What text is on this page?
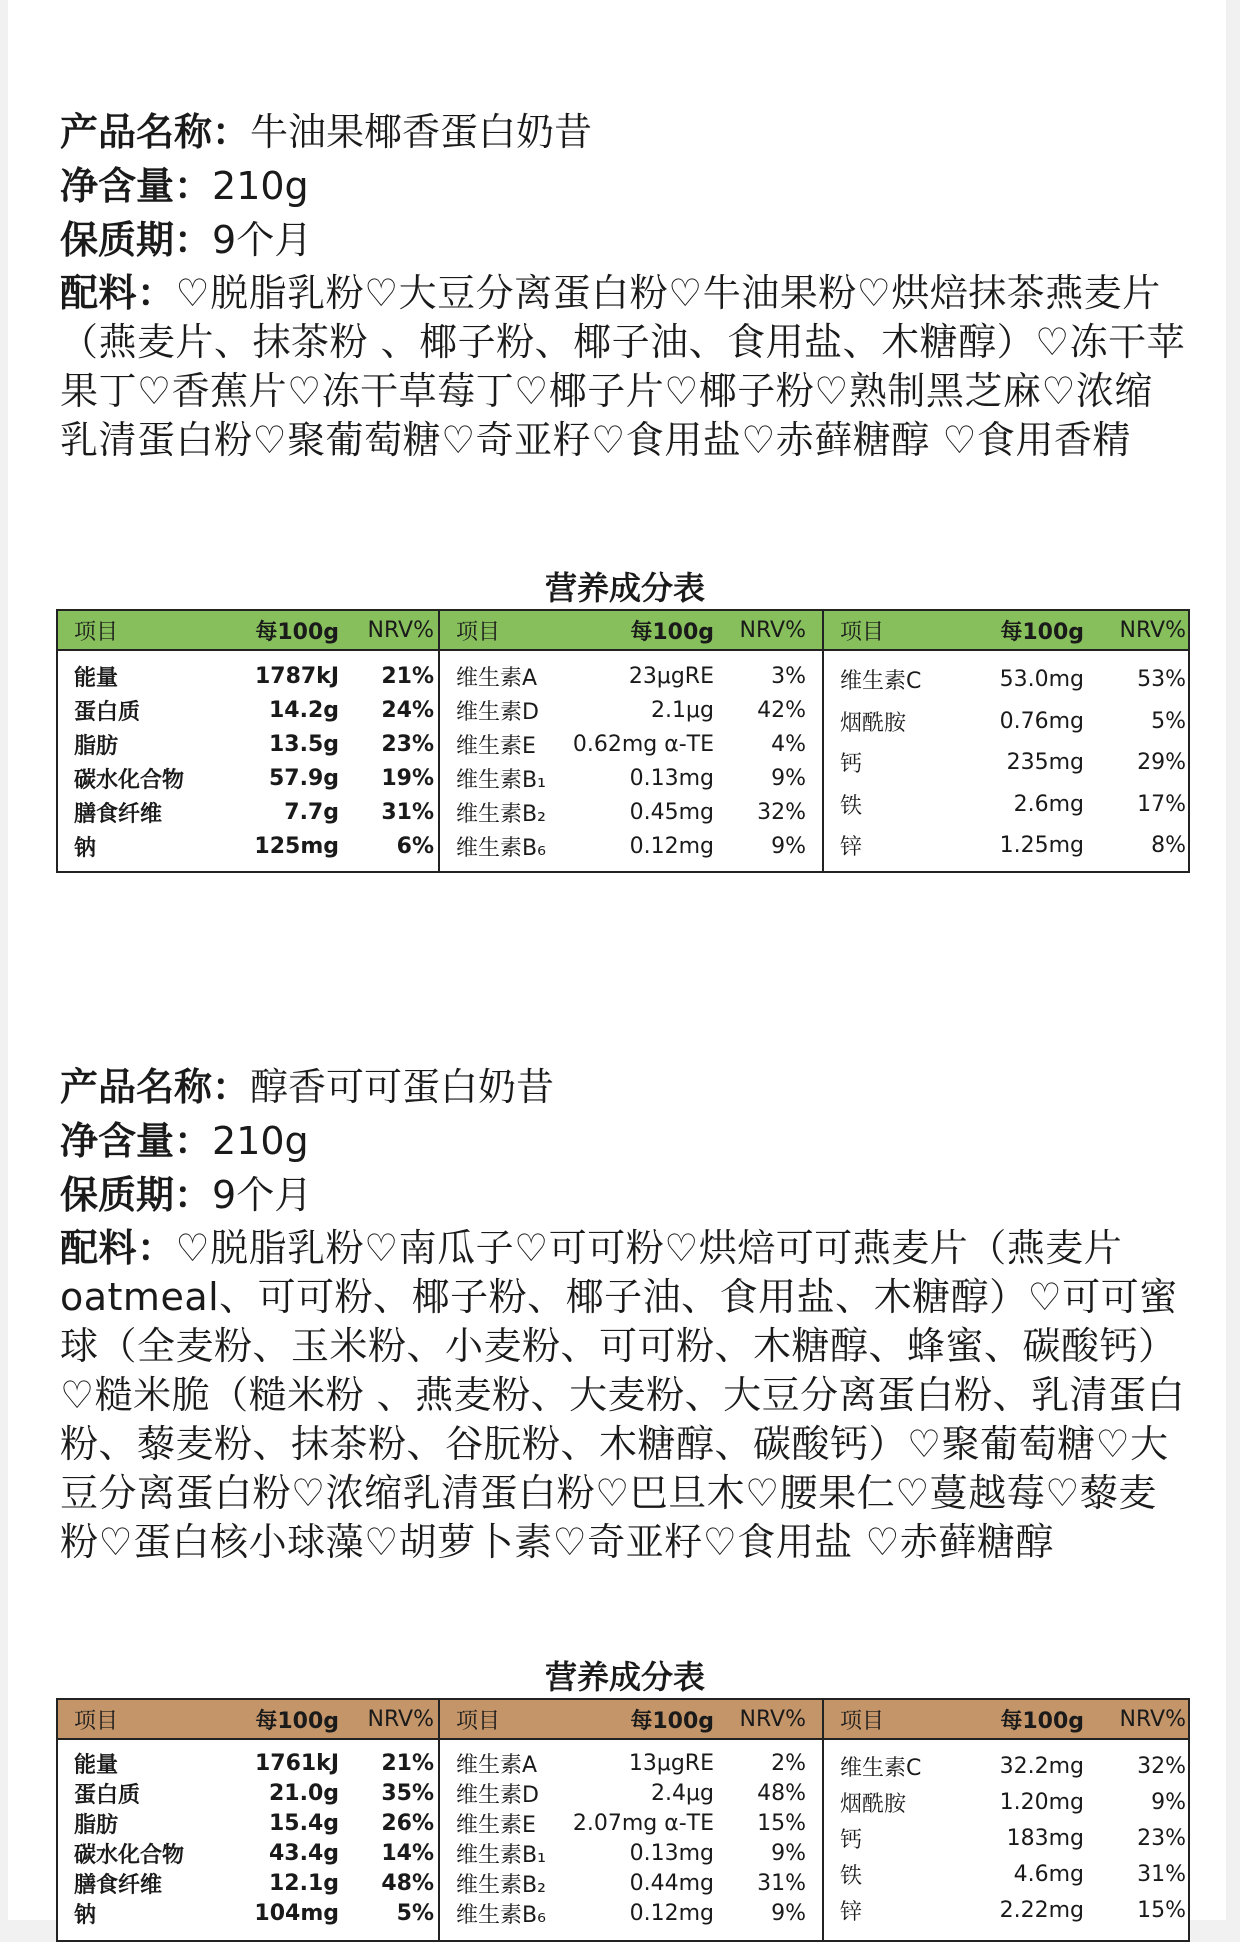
产品名称：牛油果椰香蛋白奶昔
净含量：210g
保质期：9个月
配料：♡脱脂乳粉♡大豆分离蛋白粉♡牛油果粉♡烘焙抹茶燕麦片（燕麦片、抹茶粉 、椰子粉、椰子油、食用盐、木糖醇）♡冻干苹果丁♡香蕉片♡冻干草莓丁♡椰子片♡椰子粉♡熟制黑芝麻♡浓缩乳清蛋白粉♡聚葡萄糖♡奇亚籽♡食用盐♡赤藓糖醇 ♡食用香精
营养成分表
项目	每100g	NRV%
能量	1787kJ	21%
蛋白质	14.2g	24%
脂肪	13.5g	23%
碳水化合物	57.9g	19%
膳食纤维	7.7g	31%
钠	125mg	6%
项目	每100g	NRV%
维生素A	23μgRE	3%
维生素D	2.1μg	42%
维生素E	0.62mg α-TE	4%
维生素B₁	0.13mg	9%
维生素B₂	0.45mg	32%
维生素B₆	0.12mg	9%
项目	每100g	NRV%
维生素C	53.0mg	53%
烟酰胺	0.76mg	5%
钙	235mg	29%
铁	2.6mg	17%
锌	1.25mg	8%
产品名称：醇香可可蛋白奶昔
净含量：210g
保质期：9个月
配料：♡脱脂乳粉♡南瓜子♡可可粉♡烘焙可可燕麦片（燕麦片oatmeal、可可粉、椰子粉、椰子油、食用盐、木糖醇）♡可可蜜球（全麦粉、玉米粉、小麦粉、可可粉、木糖醇、蜂蜜、碳酸钙）♡糙米脆（糙米粉 、燕麦粉、大麦粉、大豆分离蛋白粉、乳清蛋白粉、藜麦粉、抹茶粉、谷朊粉、木糖醇、碳酸钙）♡聚葡萄糖♡大豆分离蛋白粉♡浓缩乳清蛋白粉♡巴旦木♡腰果仁♡蔓越莓♡藜麦粉♡蛋白核小球藻♡胡萝卜素♡奇亚籽♡食用盐 ♡赤藓糖醇
营养成分表
项目	每100g	NRV%
能量	1761kJ	21%
蛋白质	21.0g	35%
脂肪	15.4g	26%
碳水化合物	43.4g	14%
膳食纤维	12.1g	48%
钠	104mg	5%
项目	每100g	NRV%
维生素A	13μgRE	2%
维生素D	2.4μg	48%
维生素E	2.07mg α-TE	15%
维生素B₁	0.13mg	9%
维生素B₂	0.44mg	31%
维生素B₆	0.12mg	9%
项目	每100g	NRV%
维生素C	32.2mg	32%
烟酰胺	1.20mg	9%
钙	183mg	23%
铁	4.6mg	31%
锌	2.22mg	15%
